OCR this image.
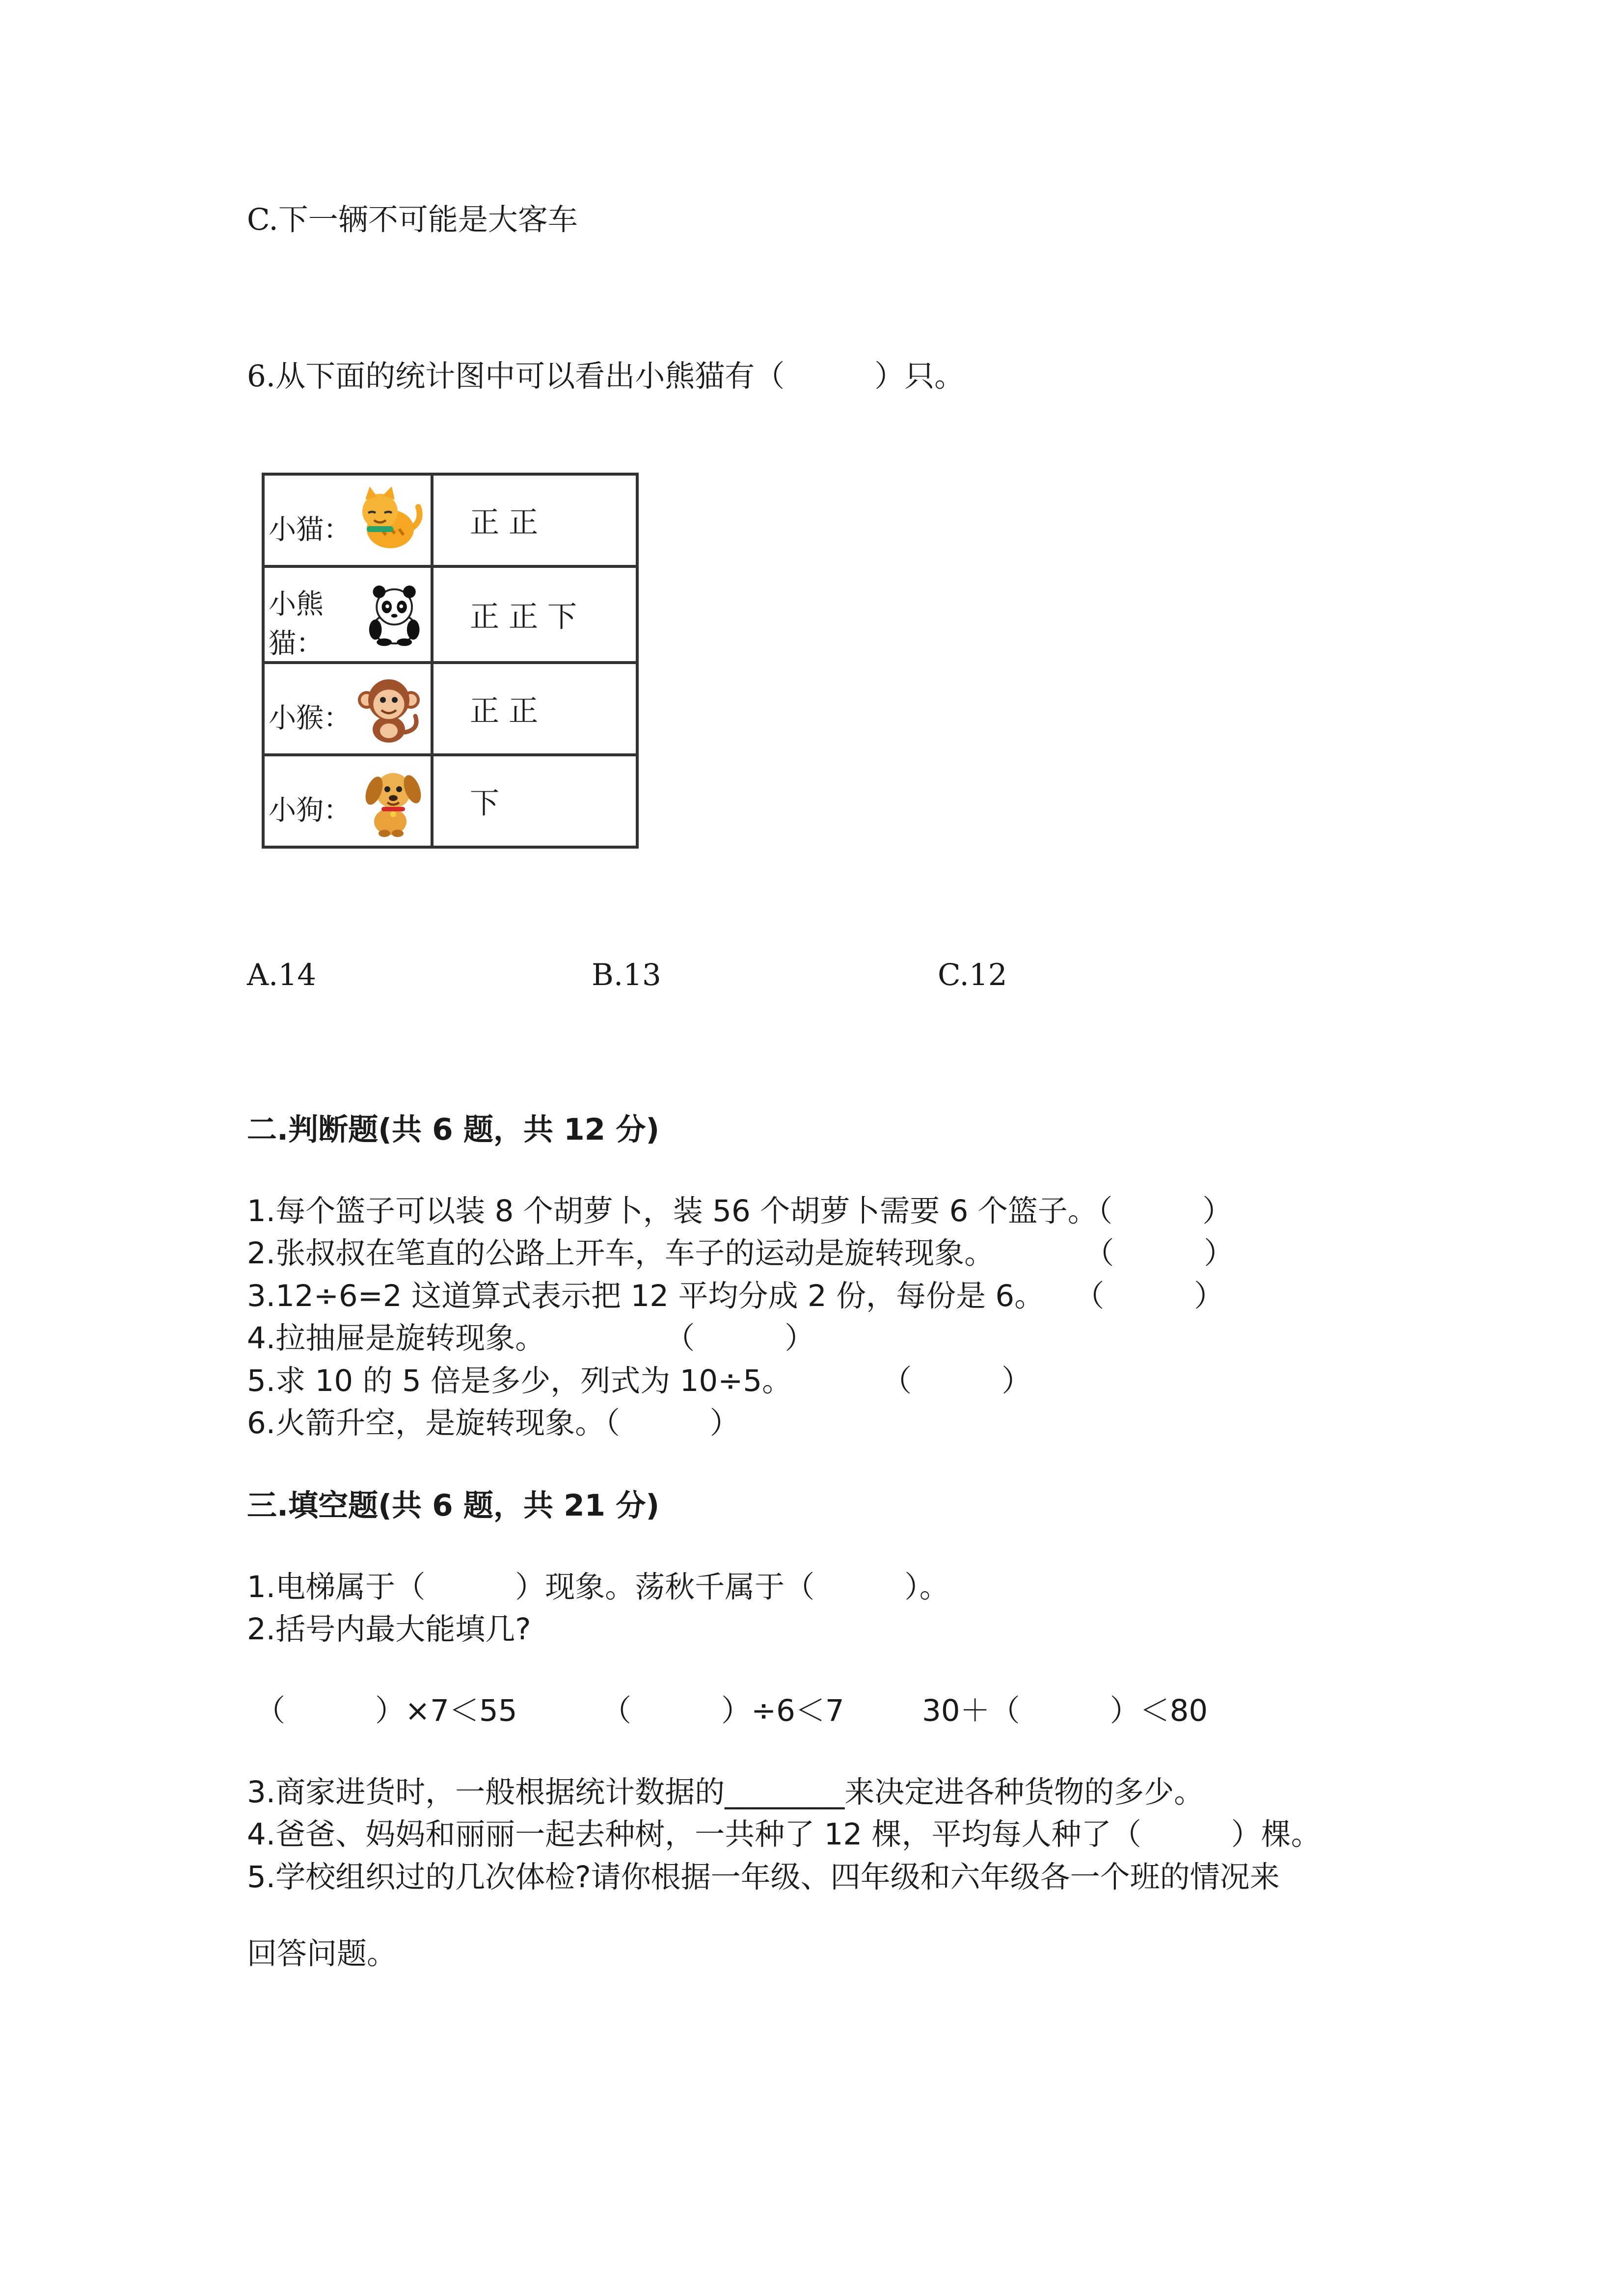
C.下一辆不可能是大客车
6.从下面的统计图中可以看出小熊猫有（　　　）只。
小猫：	正 正

小熊猫：	正 正 下

小猴：	正 正

小狗：	下
A.14	B.13	C.12
二.判断题(共 6 题，共 12 分)
1.每个篮子可以装 8 个胡萝卜，装 56 个胡萝卜需要 6 个篮子。（　　　）
2.张叔叔在笔直的公路上开车，车子的运动是旋转现象。　　　　（　　　）
3.12÷6=2 这道算式表示把 12 平均分成 2 份，每份是 6。　　（　　　）
4.拉抽屉是旋转现象。　　　　　（　　　）
5.求 10 的 5 倍是多少，列式为 10÷5。　　　　（　　　）
6.火箭升空，是旋转现象。（　　　）
三.填空题(共 6 题，共 21 分)
1.电梯属于（　　　）现象。荡秋千属于（　　　）。
2.括号内最大能填几?
（　　　）×7＜55	（　　　）÷6＜7	30＋（　　　）＜80
3.商家进货时，一般根据统计数据的________来决定进各种货物的多少。
4.爸爸、妈妈和丽丽一起去种树，一共种了 12 棵，平均每人种了（　　　）棵。
5.学校组织过的几次体检?请你根据一年级、四年级和六年级各一个班的情况来
回答问题。
